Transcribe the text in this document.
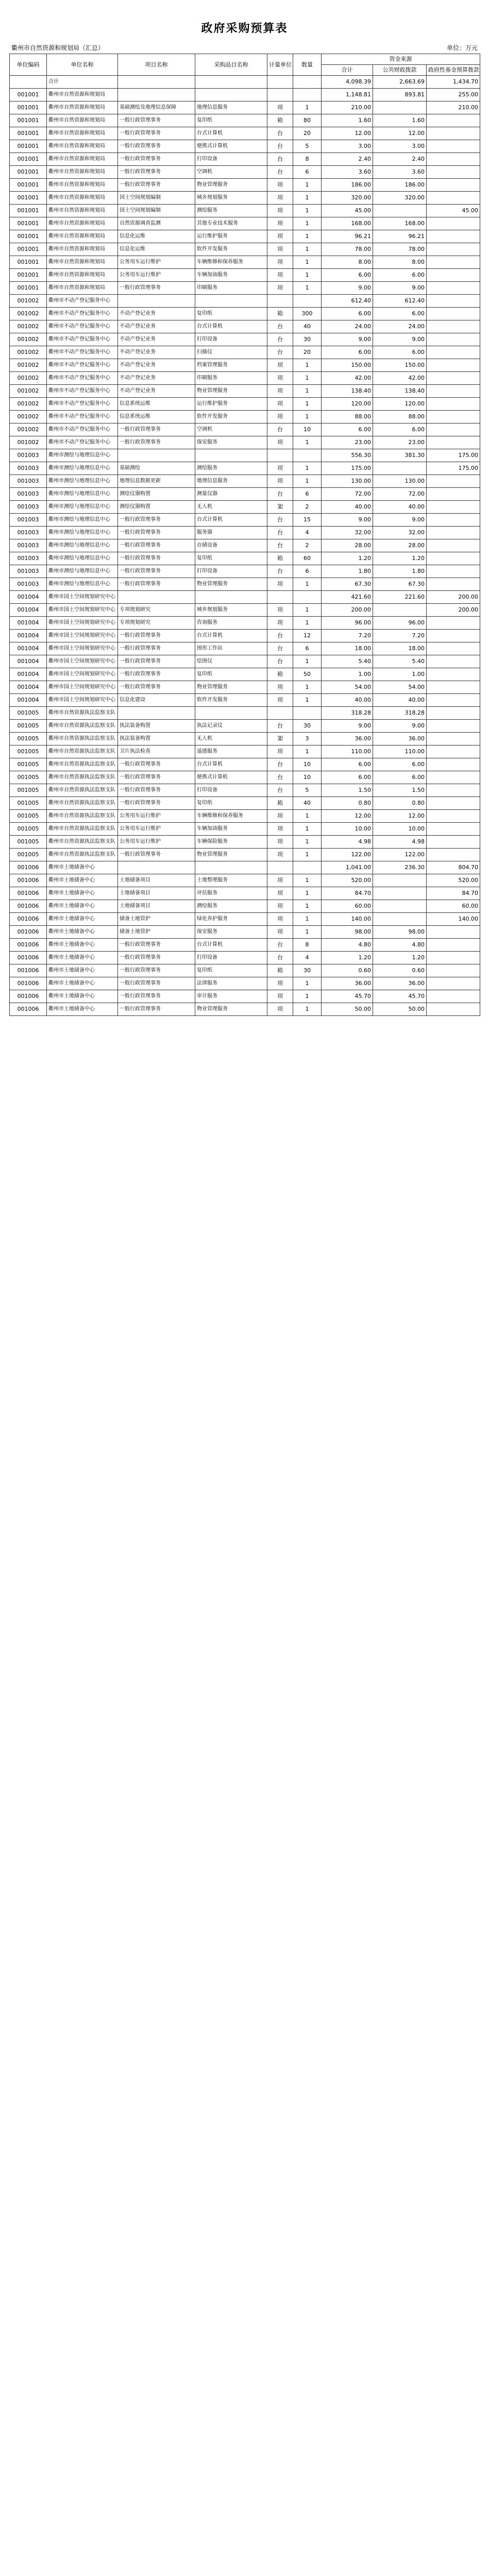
政府采购预算表
衢州市自然资源和规划局（汇总）	单位：万元
单位编码	单位名称	项目名称	采购品目名称	计量单位	数量	资金来源		
						合计	公共财政拨款	政府性基金预算拨款
	合计					4,098.39	2,663.69	1,434.70
001001	衢州市自然资源和规划局					1,148.81	893.81	255.00
001001	衢州市自然资源和规划局	基础测绘及地理信息保障	地理信息服务	项	1	210.00		210.00
001001	衢州市自然资源和规划局	一般行政管理事务	复印纸	箱	80	1.60	1.60	
001001	衢州市自然资源和规划局	一般行政管理事务	台式计算机	台	20	12.00	12.00	
001001	衢州市自然资源和规划局	一般行政管理事务	便携式计算机	台	5	3.00	3.00	
001001	衢州市自然资源和规划局	一般行政管理事务	打印设备	台	8	2.40	2.40	
001001	衢州市自然资源和规划局	一般行政管理事务	空调机	台	6	3.60	3.60	
001001	衢州市自然资源和规划局	一般行政管理事务	物业管理服务	项	1	186.00	186.00	
001001	衢州市自然资源和规划局	国土空间规划编制	城乡规划服务	项	1	320.00	320.00	
001001	衢州市自然资源和规划局	国土空间规划编制	测绘服务	项	1	45.00		45.00
001001	衢州市自然资源和规划局	自然资源调查监测	其他专业技术服务	项	1	168.00	168.00	
001001	衢州市自然资源和规划局	信息化运维	运行维护服务	项	1	96.21	96.21	
001001	衢州市自然资源和规划局	信息化运维	软件开发服务	项	1	78.00	78.00	
001001	衢州市自然资源和规划局	公务用车运行维护	车辆维修和保养服务	项	1	8.00	8.00	
001001	衢州市自然资源和规划局	公务用车运行维护	车辆加油服务	项	1	6.00	6.00	
001001	衢州市自然资源和规划局	一般行政管理事务	印刷服务	项	1	9.00	9.00	
001002	衢州市不动产登记服务中心					612.40	612.40	
001002	衢州市不动产登记服务中心	不动产登记业务	复印纸	箱	300	6.00	6.00	
001002	衢州市不动产登记服务中心	不动产登记业务	台式计算机	台	40	24.00	24.00	
001002	衢州市不动产登记服务中心	不动产登记业务	打印设备	台	30	9.00	9.00	
001002	衢州市不动产登记服务中心	不动产登记业务	扫描仪	台	20	6.00	6.00	
001002	衢州市不动产登记服务中心	不动产登记业务	档案管理服务	项	1	150.00	150.00	
001002	衢州市不动产登记服务中心	不动产登记业务	印刷服务	项	1	42.00	42.00	
001002	衢州市不动产登记服务中心	不动产登记业务	物业管理服务	项	1	138.40	138.40	
001002	衢州市不动产登记服务中心	信息系统运维	运行维护服务	项	1	120.00	120.00	
001002	衢州市不动产登记服务中心	信息系统运维	软件开发服务	项	1	88.00	88.00	
001002	衢州市不动产登记服务中心	一般行政管理事务	空调机	台	10	6.00	6.00	
001002	衢州市不动产登记服务中心	一般行政管理事务	保安服务	项	1	23.00	23.00	
001003	衢州市测绘与地理信息中心					556.30	381.30	175.00
001003	衢州市测绘与地理信息中心	基础测绘	测绘服务	项	1	175.00		175.00
001003	衢州市测绘与地理信息中心	地理信息数据更新	地理信息服务	项	1	130.00	130.00	
001003	衢州市测绘与地理信息中心	测绘仪器购置	测量仪器	台	6	72.00	72.00	
001003	衢州市测绘与地理信息中心	测绘仪器购置	无人机	架	2	40.00	40.00	
001003	衢州市测绘与地理信息中心	一般行政管理事务	台式计算机	台	15	9.00	9.00	
001003	衢州市测绘与地理信息中心	一般行政管理事务	服务器	台	4	32.00	32.00	
001003	衢州市测绘与地理信息中心	一般行政管理事务	存储设备	台	2	28.00	28.00	
001003	衢州市测绘与地理信息中心	一般行政管理事务	复印纸	箱	60	1.20	1.20	
001003	衢州市测绘与地理信息中心	一般行政管理事务	打印设备	台	6	1.80	1.80	
001003	衢州市测绘与地理信息中心	一般行政管理事务	物业管理服务	项	1	67.30	67.30	
001004	衢州市国土空间规划研究中心					421.60	221.60	200.00
001004	衢州市国土空间规划研究中心	专项规划研究	城乡规划服务	项	1	200.00		200.00
001004	衢州市国土空间规划研究中心	专项规划研究	咨询服务	项	1	96.00	96.00	
001004	衢州市国土空间规划研究中心	一般行政管理事务	台式计算机	台	12	7.20	7.20	
001004	衢州市国土空间规划研究中心	一般行政管理事务	图形工作站	台	6	18.00	18.00	
001004	衢州市国土空间规划研究中心	一般行政管理事务	绘图仪	台	1	5.40	5.40	
001004	衢州市国土空间规划研究中心	一般行政管理事务	复印纸	箱	50	1.00	1.00	
001004	衢州市国土空间规划研究中心	一般行政管理事务	物业管理服务	项	1	54.00	54.00	
001004	衢州市国土空间规划研究中心	信息化建设	软件开发服务	项	1	40.00	40.00	
001005	衢州市自然资源执法监察支队					318.28	318.28	
001005	衢州市自然资源执法监察支队	执法装备购置	执法记录仪	台	30	9.00	9.00	
001005	衢州市自然资源执法监察支队	执法装备购置	无人机	架	3	36.00	36.00	
001005	衢州市自然资源执法监察支队	卫片执法检查	遥感服务	项	1	110.00	110.00	
001005	衢州市自然资源执法监察支队	一般行政管理事务	台式计算机	台	10	6.00	6.00	
001005	衢州市自然资源执法监察支队	一般行政管理事务	便携式计算机	台	10	6.00	6.00	
001005	衢州市自然资源执法监察支队	一般行政管理事务	打印设备	台	5	1.50	1.50	
001005	衢州市自然资源执法监察支队	一般行政管理事务	复印纸	箱	40	0.80	0.80	
001005	衢州市自然资源执法监察支队	公务用车运行维护	车辆维修和保养服务	项	1	12.00	12.00	
001005	衢州市自然资源执法监察支队	公务用车运行维护	车辆加油服务	项	1	10.00	10.00	
001005	衢州市自然资源执法监察支队	公务用车运行维护	车辆保险服务	项	1	4.98	4.98	
001005	衢州市自然资源执法监察支队	一般行政管理事务	物业管理服务	项	1	122.00	122.00	
001006	衢州市土地储备中心					1,041.00	236.30	804.70
001006	衢州市土地储备中心	土地储备项目	土地整理服务	项	1	520.00		520.00
001006	衢州市土地储备中心	土地储备项目	评估服务	项	1	84.70		84.70
001006	衢州市土地储备中心	土地储备项目	测绘服务	项	1	60.00		60.00
001006	衢州市土地储备中心	储备土地管护	绿化养护服务	项	1	140.00		140.00
001006	衢州市土地储备中心	储备土地管护	保安服务	项	1	98.00	98.00	
001006	衢州市土地储备中心	一般行政管理事务	台式计算机	台	8	4.80	4.80	
001006	衢州市土地储备中心	一般行政管理事务	打印设备	台	4	1.20	1.20	
001006	衢州市土地储备中心	一般行政管理事务	复印纸	箱	30	0.60	0.60	
001006	衢州市土地储备中心	一般行政管理事务	法律服务	项	1	36.00	36.00	
001006	衢州市土地储备中心	一般行政管理事务	审计服务	项	1	45.70	45.70	
001006	衢州市土地储备中心	一般行政管理事务	物业管理服务	项	1	50.00	50.00	
